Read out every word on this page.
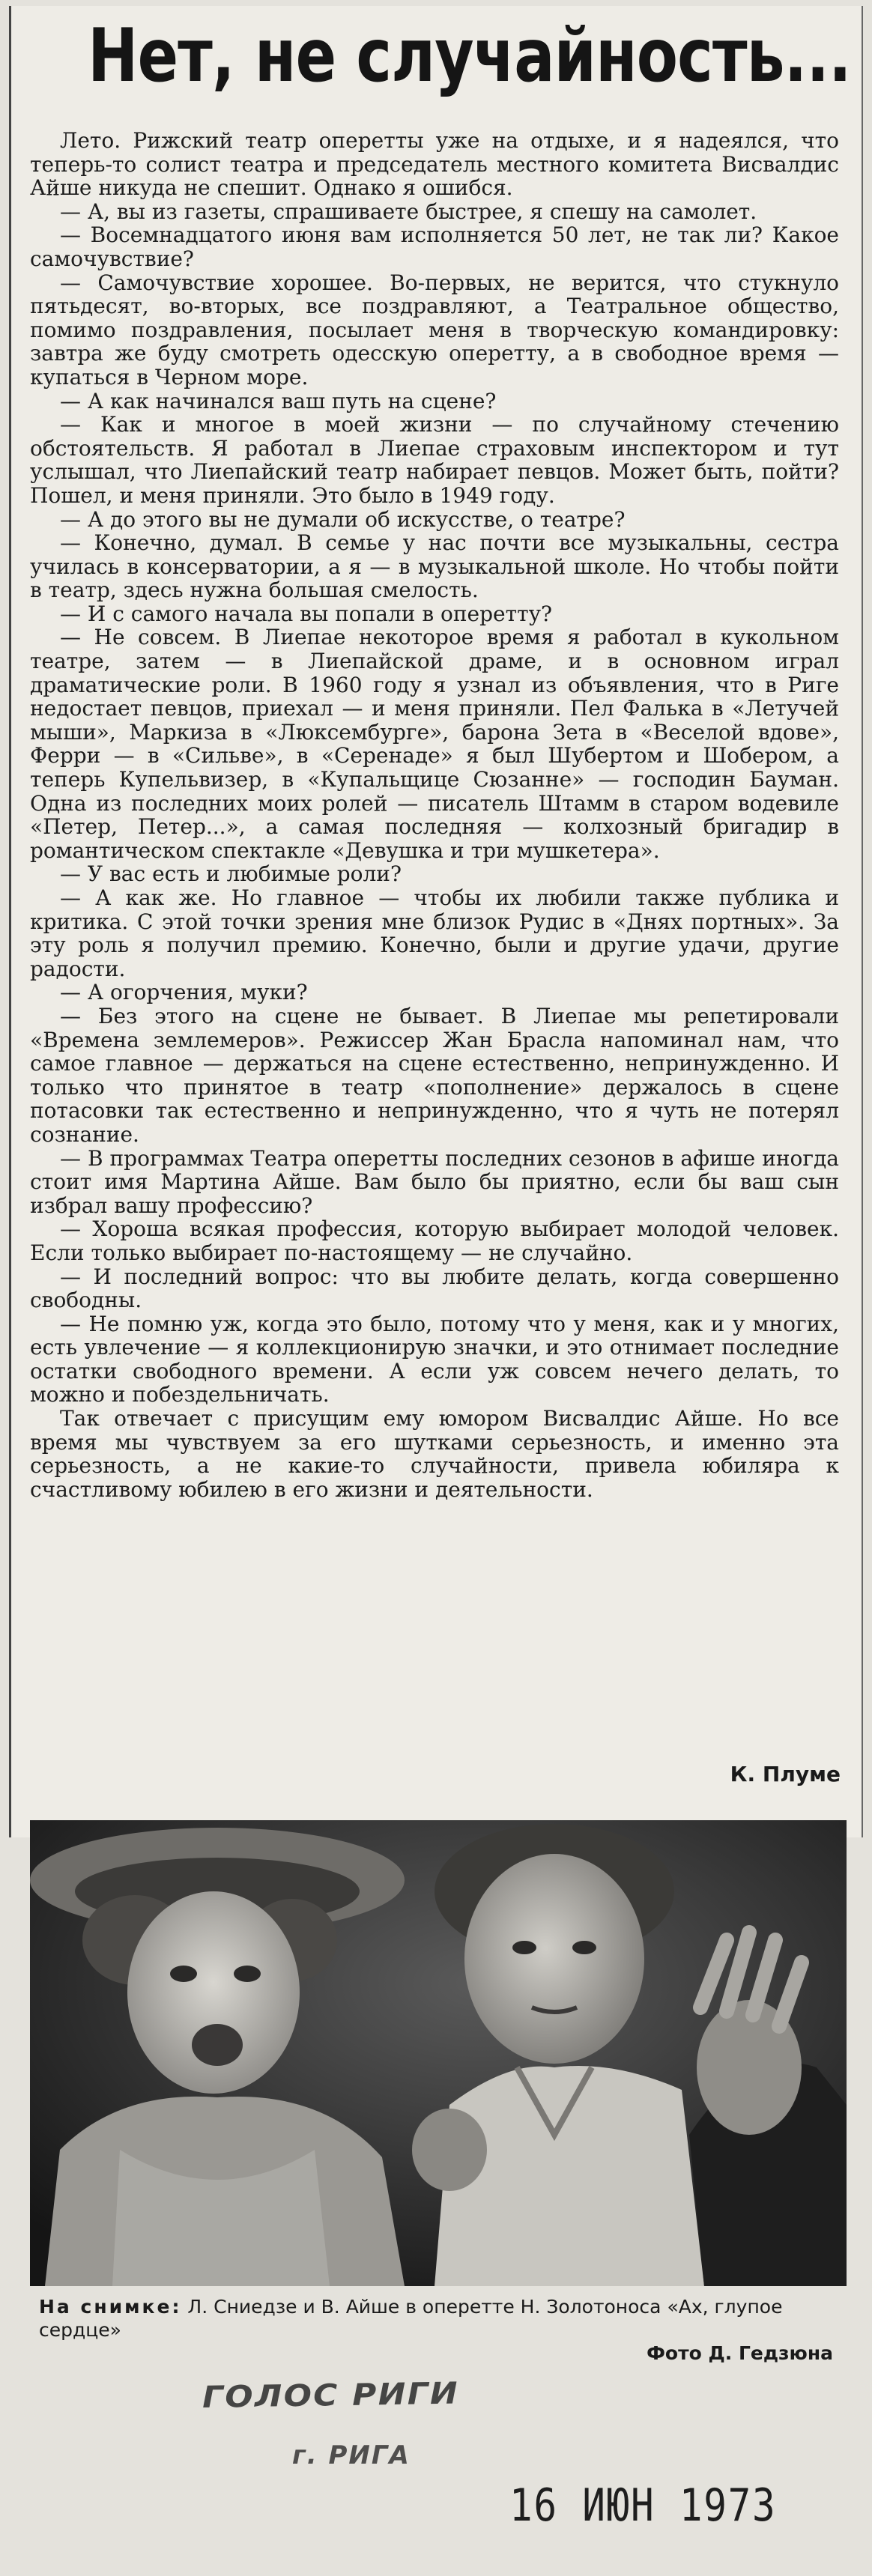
Нет, не случайность...

Лето. Рижский театр оперетты уже на отдыхе, и я надеялся, что теперь-то солист театра и председатель местного комитета Висвалдис Айше никуда не спешит. Однако я ошибся.

— А, вы из газеты, спрашиваете быстрее, я спешу на самолет.

— Восемнадцатого июня вам исполняется 50 лет, не так ли? Какое самочувствие?

— Самочувствие хорошее. Во-первых, не верится, что стукнуло пятьдесят, во-вторых, все поздравляют, а Театральное общество, помимо поздравления, посылает меня в творческую командировку: завтра же буду смотреть одесскую оперетту, а в свободное время — купаться в Черном море.

— А как начинался ваш путь на сцене?

— Как и многое в моей жизни — по случайному стечению обстоятельств. Я работал в Лиепае страховым инспектором и тут услышал, что Лиепайский театр набирает певцов. Может быть, пойти? Пошел, и меня приняли. Это было в 1949 году.

— А до этого вы не думали об искусстве, о театре?

— Конечно, думал. В семье у нас почти все музыкальны, сестра училась в консерватории, а я — в музыкальной школе. Но чтобы пойти в театр, здесь нужна большая смелость.

— И с самого начала вы попали в оперетту?

— Не совсем. В Лиепае некоторое время я работал в кукольном театре, затем — в Лиепайской драме, и в основном играл драматические роли. В 1960 году я узнал из объявления, что в Риге недостает певцов, приехал — и меня приняли. Пел Фалька в «Летучей мыши», Маркиза в «Люксембурге», барона Зета в «Веселой вдове», Ферри — в «Сильве», в «Серенаде» я был Шубертом и Шобером, а теперь Купельвизер, в «Купальщице Сюзанне» — господин Бауман. Одна из последних моих ролей — писатель Штамм в старом водевиле «Петер, Петер...», а самая последняя — колхозный бригадир в романтическом спектакле «Девушка и три мушкетера».

— У вас есть и любимые роли?

— А как же. Но главное — чтобы их любили также публика и критика. С этой точки зрения мне близок Рудис в «Днях портных». За эту роль я получил премию. Конечно, были и другие удачи, другие радости.

— А огорчения, муки?

— Без этого на сцене не бывает. В Лиепае мы репетировали «Времена землемеров». Режиссер Жан Брасла напоминал нам, что самое главное — держаться на сцене естественно, непринужденно. И только что принятое в театр «пополнение» держалось в сцене потасовки так естественно и непринужденно, что я чуть не потерял сознание.

— В программах Театра оперетты последних сезонов в афише иногда стоит имя Мартина Айше. Вам было бы приятно, если бы ваш сын избрал вашу профессию?

— Хороша всякая профессия, которую выбирает молодой человек. Если только выбирает по-настоящему — не случайно.

— И последний вопрос: что вы любите делать, когда совершенно свободны.

— Не помню уж, когда это было, потому что у меня, как и у многих, есть увлечение — я коллекционирую значки, и это отнимает последние остатки свободного времени. А если уж совсем нечего делать, то можно и побездельничать.

Так отвечает с присущим ему юмором Висвалдис Айше. Но все время мы чувствуем за его шутками серьезность, и именно эта серьезность, а не какие-то случайности, привела юбиляра к счастливому юбилею в его жизни и деятельности.

К. Плуме
На снимке: Л. Сниедзе и В. Айше в оперетте Н. Золотоноса «Ах, глупое сердце»
Фото Д. Гедзюна
ГОЛОС РИГИ
г. РИГА
16 ИЮН 1973
